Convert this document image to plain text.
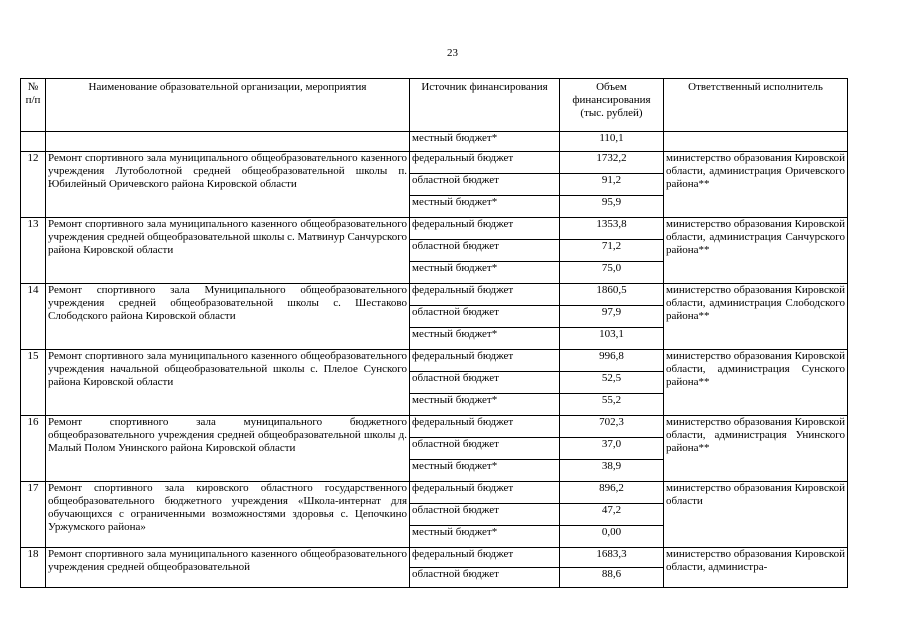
23
№ п/п	Наименование образовательной организации, мероприятия	Источник финансирования	Объем финансирования (тыс. рублей)	Ответственный исполнитель
		местный бюджет*	110,1	
12	Ремонт спортивного зала муниципального общеобразовательного казенного учреждения Лутоболотной средней общеобразовательной школы п. Юбилейный Оричевского района Кировской области	федеральный бюджет	1732,2	министерство образования Кировской области, администрация Оричевского района**
		областной бюджет	91,2	
		местный бюджет*	95,9	
13	Ремонт спортивного зала муниципального казенного общеобразовательного учреждения средней общеобразовательной школы с. Матвинур Санчурского района Кировской области	федеральный бюджет	1353,8	министерство образования Кировской области, администрация Санчурского района**
		областной бюджет	71,2	
		местный бюджет*	75,0	
14	Ремонт спортивного зала Муниципального общеобразовательного учреждения средней общеобразовательной школы с. Шестаково Слободского района Кировской области	федеральный бюджет	1860,5	министерство образования Кировской области, администрация Слободского района**
		областной бюджет	97,9	
		местный бюджет*	103,1	
15	Ремонт спортивного зала муниципального казенного общеобразовательного учреждения начальной общеобразовательной школы с. Плелое Сунского района Кировской области	федеральный бюджет	996,8	министерство образования Кировской области, администрация Сунского района**
		областной бюджет	52,5	
		местный бюджет*	55,2	
16	Ремонт спортивного зала муниципального бюджетного общеобразовательного учреждения средней общеобразовательной школы д. Малый Полом Унинского района Кировской области	федеральный бюджет	702,3	министерство образования Кировской области, администрация Унинского района**
		областной бюджет	37,0	
		местный бюджет*	38,9	
17	Ремонт спортивного зала кировского областного государственного общеобразовательного бюджетного учреждения «Школа-интернат для обучающихся с ограниченными возможностями здоровья с. Цепочкино Уржумского района»	федеральный бюджет	896,2	министерство образования Кировской области
		областной бюджет	47,2	
		местный бюджет*	0,00	
18	Ремонт спортивного зала муниципального казенного общеобразовательного учреждения средней общеобразовательной	федеральный бюджет	1683,3	министерство образования Кировской области, администра-
		областной бюджет	88,6	
